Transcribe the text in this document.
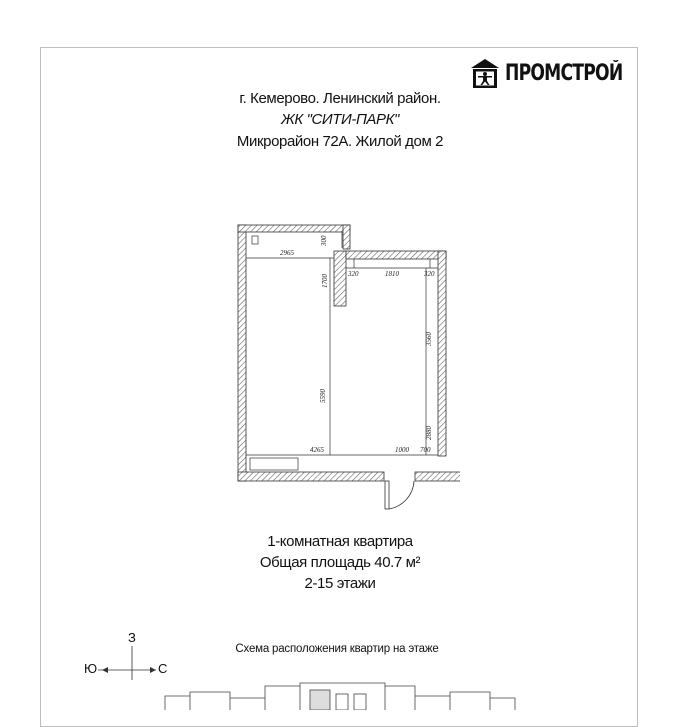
ПРОМСТРОЙ
г. Кемерово. Ленинский район.
ЖК "СИТИ-ПАРК"
Микрорайон 72А. Жилой дом 2
2965
300
1700	320	1810	320
5590
3560
2880
4265	1000 700
1-комнатная квартира
Общая площадь 40.7 м²
2-15 этажи
З
Ю	С
Схема расположения квартир на этаже
